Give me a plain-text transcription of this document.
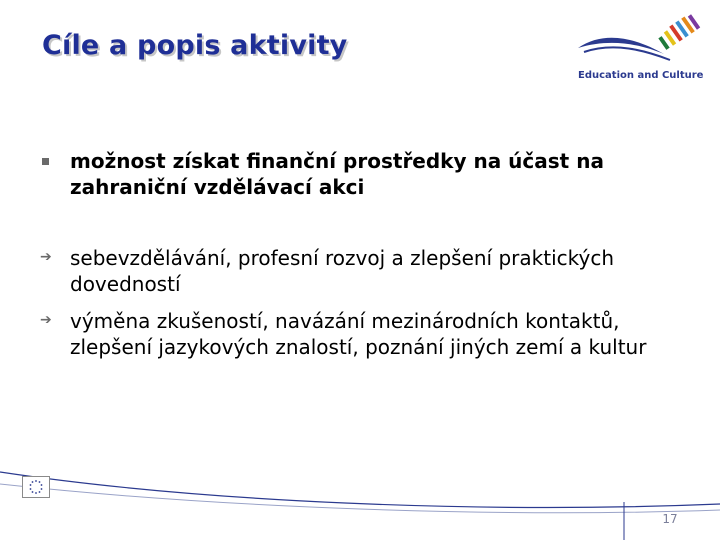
Cíle a popis aktivity
Education and Culture
možnost získat finanční prostředky na účast na zahraniční vzdělávací akci
➔ sebevzdělávání, profesní rozvoj a zlepšení praktických dovedností
➔ výměna zkušeností, navázání mezinárodních kontaktů, zlepšení jazykových znalostí, poznání jiných zemí a kultur
17
